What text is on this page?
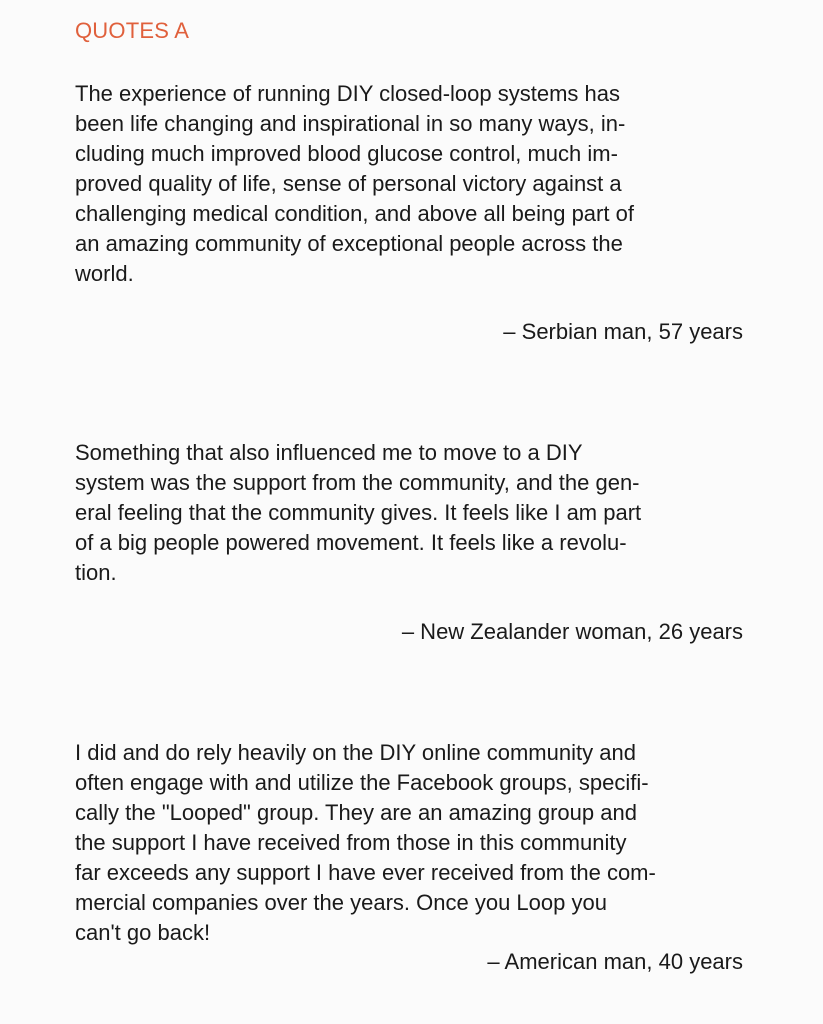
QUOTES A
The experience of running DIY closed-loop systems has
been life changing and inspirational in so many ways, in-
cluding much improved blood glucose control, much im-
proved quality of life, sense of personal victory against a
challenging medical condition, and above all being part of
an amazing community of exceptional people across the
world.
– Serbian man, 57 years
Something that also influenced me to move to a DIY
system was the support from the community, and the gen-
eral feeling that the community gives. It feels like I am part
of a big people powered movement. It feels like a revolu-
tion.
– New Zealander woman, 26 years
I did and do rely heavily on the DIY online community and
often engage with and utilize the Facebook groups, specifi-
cally the "Looped" group. They are an amazing group and
the support I have received from those in this community
far exceeds any support I have ever received from the com-
mercial companies over the years. Once you Loop you
can't go back!
– American man, 40 years
